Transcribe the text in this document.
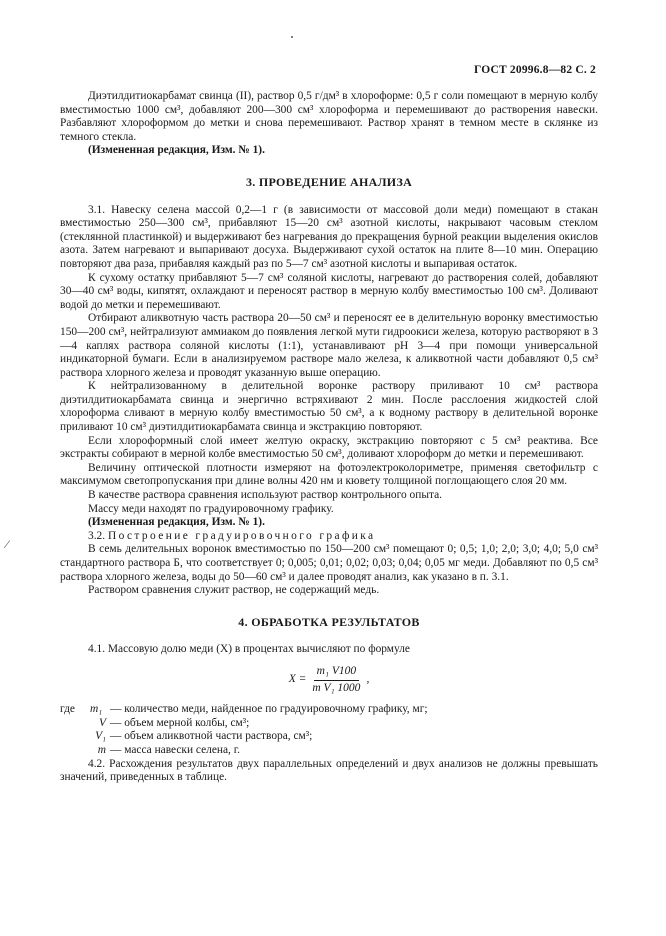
⁄
ГОСТ 20996.8—82 С. 2

Диэтилдитиокарбамат свинца (II), раствор 0,5 г/дм³ в хлороформе: 0,5 г соли помещают в мерную колбу вместимостью 1000 см³, добавляют 200—300 см³ хлороформа и перемешивают до растворения навески. Разбавляют хлороформом до метки и снова перемешивают. Раствор хранят в темном месте в склянке из темного стекла.

(Измененная редакция, Изм. № 1).

3. ПРОВЕДЕНИЕ АНАЛИЗА

3.1. Навеску селена массой 0,2—1 г (в зависимости от массовой доли меди) помещают в стакан вместимостью 250—300 см³, прибавляют 15—20 см³ азотной кислоты, накрывают часовым стеклом (стеклянной пластинкой) и выдерживают без нагревания до прекращения бурной реакции выделения окислов азота. Затем нагревают и выпаривают досуха. Выдерживают сухой остаток на плите 8—10 мин. Операцию повторяют два раза, прибавляя каждый раз по 5—7 см³ азотной кислоты и выпаривая остаток.

К сухому остатку прибавляют 5—7 см³ соляной кислоты, нагревают до растворения солей, добавляют 30—40 см³ воды, кипятят, охлаждают и переносят раствор в мерную колбу вместимостью 100 см³. Доливают водой до метки и перемешивают.

Отбирают аликвотную часть раствора 20—50 см³ и переносят ее в делительную воронку вместимостью 150—200 см³, нейтрализуют аммиаком до появления легкой мути гидроокиси железа, которую растворяют в 3—4 каплях раствора соляной кислоты (1:1), устанавливают pH 3—4 при помощи универсальной индикаторной бумаги. Если в анализируемом растворе мало железа, к аликвотной части добавляют 0,5 см³ раствора хлорного железа и проводят указанную выше операцию.

К нейтрализованному в делительной воронке раствору приливают 10 см³ раствора диэтилдитиокарбамата свинца и энергично встряхивают 2 мин. После расслоения жидкостей слой хлороформа сливают в мерную колбу вместимостью 50 см³, а к водному раствору в делительной воронке приливают 10 см³ диэтилдитиокарбамата свинца и экстракцию повторяют.

Если хлороформный слой имеет желтую окраску, экстракцию повторяют с 5 см³ реактива. Все экстракты собирают в мерной колбе вместимостью 50 см³, доливают хлороформ до метки и перемешивают.

Величину оптической плотности измеряют на фотоэлектроколориметре, применяя светофильтр с максимумом светопропускания при длине волны 420 нм и кювету толщиной поглощающего слоя 20 мм.

В качестве раствора сравнения используют раствор контрольного опыта.

Массу меди находят по градуировочному графику.

(Измененная редакция, Изм. № 1).

3.2. Построение градуировочного графика

В семь делительных воронок вместимостью по 150—200 см³ помещают 0; 0,5; 1,0; 2,0; 3,0; 4,0; 5,0 см³ стандартного раствора Б, что соответствует 0; 0,005; 0,01; 0,02; 0,03; 0,04; 0,05 мг меди. Добавляют по 0,5 см³ раствора хлорного железа, воды до 50—60 см³ и далее проводят анализ, как указано в п. 3.1.

Раствором сравнения служит раствор, не содержащий медь.

4. ОБРАБОТКА РЕЗУЛЬТАТОВ

4.1. Массовую долю меди (X) в процентах вычисляют по формуле

$X = \frac{\text{m₁ V100}}{\text{m V₁ 1000}}$ ,
где	m₁ — количество меди, найденное по градуировочному графику, мг;
V — объем мерной колбы, см³;
V₁ — объем аликвотной части раствора, см³;
m — масса навески селена, г.

4.2. Расхождения результатов двух параллельных определений и двух анализов не должны превышать значений, приведенных в таблице.
